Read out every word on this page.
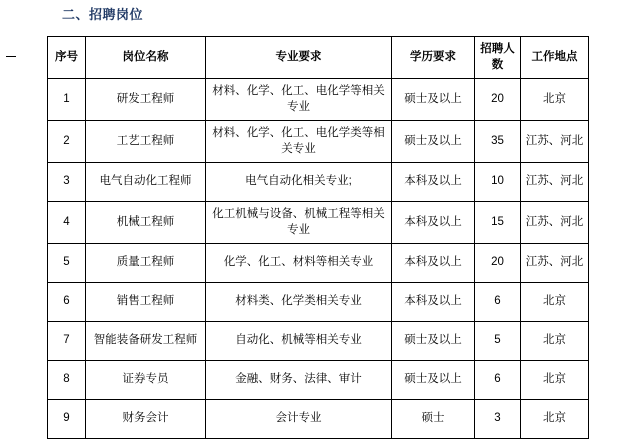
二、招聘岗位
序号	岗位名称	专业要求	学历要求	招聘人数	工作地点
1	研发工程师	材料、化学、化工、电化学等相关专业	硕士及以上	20	北京
2	工艺工程师	材料、化学、化工、电化学类等相关专业	硕士及以上	35	江苏、河北
3	电气自动化工程师	电气自动化相关专业;	本科及以上	10	江苏、河北
4	机械工程师	化工机械与设备、机械工程等相关专业	本科及以上	15	江苏、河北
5	质量工程师	化学、化工、材料等相关专业	本科及以上	20	江苏、河北
6	销售工程师	材料类、化学类相关专业	本科及以上	6	北京
7	智能装备研发工程师	自动化、机械等相关专业	硕士及以上	5	北京
8	证券专员	金融、财务、法律、审计	硕士及以上	6	北京
9	财务会计	会计专业	硕士	3	北京
